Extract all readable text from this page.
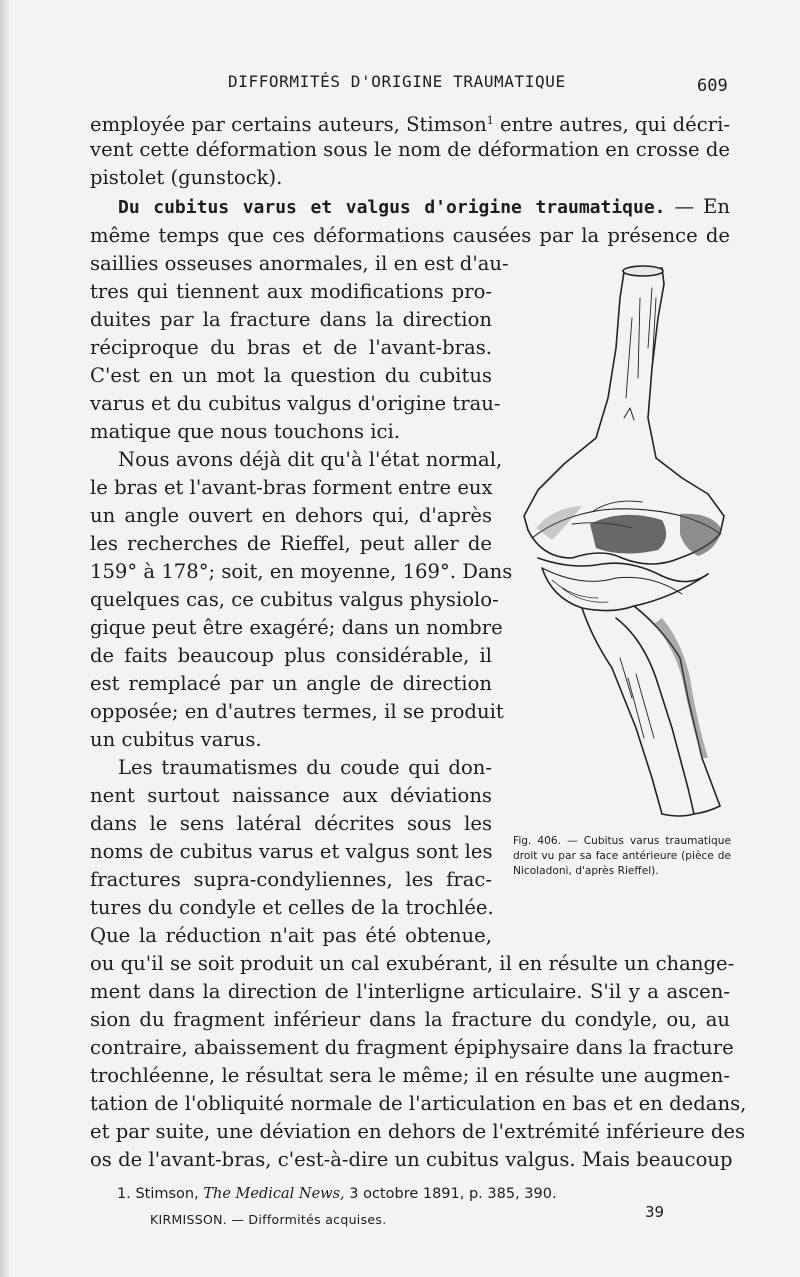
DIFFORMITÉS D'ORIGINE TRAUMATIQUE	609
employée par certains auteurs, Stimson$^1$ entre autres, qui décri-
vent cette déformation sous le nom de déformation en crosse de
pistolet (gunstock).
Du cubitus varus et valgus d'origine traumatique. — En
même temps que ces déformations causées par la présence de
saillies osseuses anormales, il en est d'au-
tres qui tiennent aux modifications pro-
duites par la fracture dans la direction
réciproque du bras et de l'avant-bras.
C'est en un mot la question du cubitus
varus et du cubitus valgus d'origine trau-
matique que nous touchons ici.
Nous avons déjà dit qu'à l'état normal,
le bras et l'avant-bras forment entre eux
un angle ouvert en dehors qui, d'après
les recherches de Rieffel, peut aller de
159° à 178°; soit, en moyenne, 169°. Dans
quelques cas, ce cubitus valgus physiolo-
gique peut être exagéré; dans un nombre
de faits beaucoup plus considérable, il
est remplacé par un angle de direction
opposée; en d'autres termes, il se produit
un cubitus varus.
Les traumatismes du coude qui don-
nent surtout naissance aux déviations
dans le sens latéral décrites sous les
noms de cubitus varus et valgus sont les
fractures supra-condyliennes, les frac-
tures du condyle et celles de la trochlée.
Que la réduction n'ait pas été obtenue,
ou qu'il se soit produit un cal exubérant, il en résulte un change-
ment dans la direction de l'interligne articulaire. S'il y a ascen-
sion du fragment inférieur dans la fracture du condyle, ou, au
contraire, abaissement du fragment épiphysaire dans la fracture
trochléenne, le résultat sera le même; il en résulte une augmen-
tation de l'obliquité normale de l'articulation en bas et en dedans,
et par suite, une déviation en dehors de l'extrémité inférieure des
os de l'avant-bras, c'est-à-dire un cubitus valgus. Mais beaucoup
Fig. 406. — Cubitus varus traumatique droit vu par sa face antérieure (pièce de Nicoladoni, d'après Rieffel).
1. Stimson, The Medical News, 3 octobre 1891, p. 385, 390.
KIRMISSON. — Difformités acquises.	39
